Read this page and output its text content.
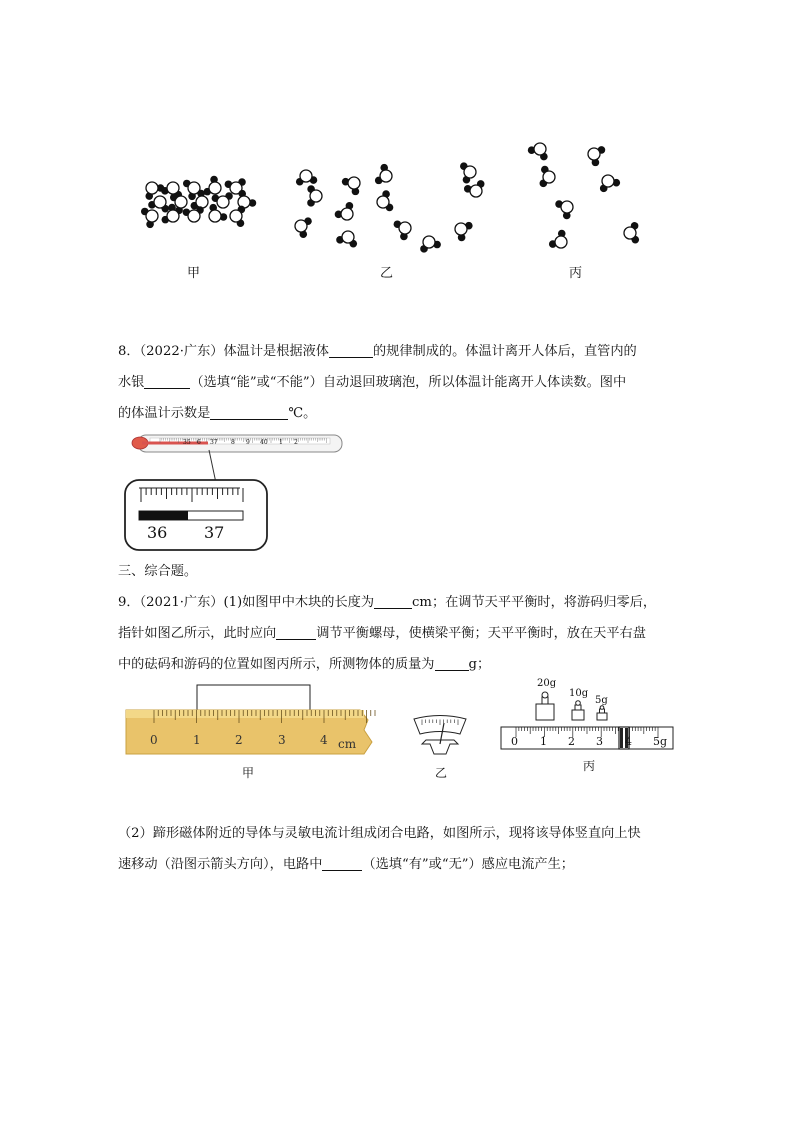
甲	乙	丙
8．（2022·广东）体温计是根据液体	的规律制成的。体温计离开人体后，直管内的
水银	（选填“能”或“不能”）自动退回玻璃泡，所以体温计能离开人体读数。图中
的体温计示数是	℃。
35 6 37 8 9 40 1 2
36 37
三、综合题。
9．（2021·广东）(1)如图甲中木块的长度为	cm；在调节天平平衡时，将游码归零后，
指针如图乙所示，此时应向	调节平衡螺母，使横梁平衡；天平平衡时，放在天平右盘
中的砝码和游码的位置如图丙所示，所测物体的质量为	g；
0	1	2	3	4 cm
甲	乙
20g
10g
5g
0 1 2 3 4 5g
丙
（2）蹄形磁体附近的导体与灵敏电流计组成闭合电路，如图所示，现将该导体竖直向上快
速移动（沿图示箭头方向），电路中	（选填“有”或“无”）感应电流产生；
